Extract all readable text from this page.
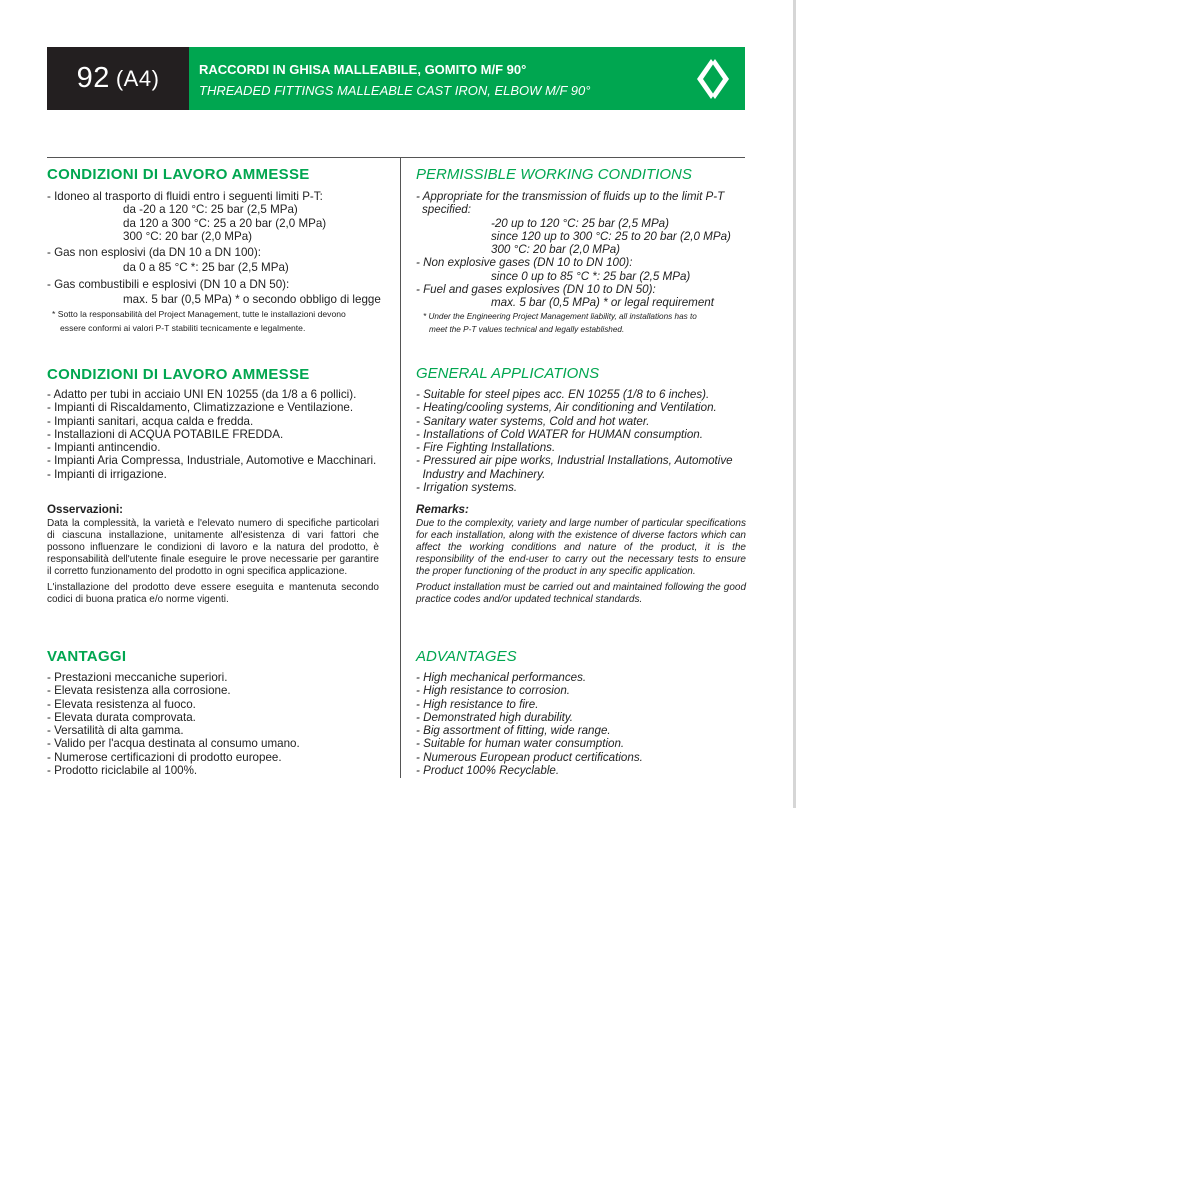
92 (A4)	RACCORDI IN GHISA MALLEABILE, GOMITO M/F 90°
THREADED FITTINGS MALLEABLE CAST IRON, ELBOW M/F 90°
CONDIZIONI DI LAVORO AMMESSE
- Idoneo al trasporto di fluidi entro i seguenti limiti P-T:
da -20 a 120 °C: 25 bar (2,5 MPa)
da 120 a 300 °C: 25 a 20 bar (2,0 MPa)
300 °C: 20 bar (2,0 MPa)
- Gas non esplosivi (da DN 10 a DN 100):
da 0 a 85 °C *: 25 bar (2,5 MPa)
- Gas combustibili e esplosivi (DN 10 a DN 50):
max. 5 bar (0,5 MPa) * o secondo obbligo di legge
* Sotto la responsabilità del Project Management, tutte le installazioni devono
essere conformi ai valori P-T stabiliti tecnicamente e legalmente.
CONDIZIONI DI LAVORO AMMESSE
- Adatto per tubi in acciaio UNI EN 10255 (da 1/8 a 6 pollici).
- Impianti di Riscaldamento, Climatizzazione e Ventilazione.
- Impianti sanitari, acqua calda e fredda.
- Installazioni di ACQUA POTABILE FREDDA.
- Impianti antincendio.
- Impianti Aria Compressa, Industriale, Automotive e Macchinari.
- Impianti di irrigazione.
Osservazioni:
Data la complessità, la varietà e l'elevato numero di specifiche particolari di ciascuna installazione, unitamente all'esistenza di vari fattori che possono influenzare le condizioni di lavoro e la natura del prodotto, è responsabilità dell'utente finale eseguire le prove necessarie per garantire il corretto funzionamento del prodotto in ogni specifica applicazione.
L'installazione del prodotto deve essere eseguita e mantenuta secondo codici di buona pratica e/o norme vigenti.
VANTAGGI
- Prestazioni meccaniche superiori.
- Elevata resistenza alla corrosione.
- Elevata resistenza al fuoco.
- Elevata durata comprovata.
- Versatilità di alta gamma.
- Valido per l'acqua destinata al consumo umano.
- Numerose certificazioni di prodotto europee.
- Prodotto riciclabile al 100%.
PERMISSIBLE WORKING CONDITIONS
- Appropriate for the transmission of fluids up to the limit P-T
specified:
-20 up to 120 °C: 25 bar (2,5 MPa)
since 120 up to 300 °C: 25 to 20 bar (2,0 MPa)
300 °C: 20 bar (2,0 MPa)
- Non explosive gases (DN 10 to DN 100):
since 0 up to 85 °C *: 25 bar (2,5 MPa)
- Fuel and gases explosives (DN 10 to DN 50):
max. 5 bar (0,5 MPa) * or legal requirement
* Under the Engineering Project Management liability, all installations has to
meet the P-T values technical and legally established.
GENERAL APPLICATIONS
- Suitable for steel pipes acc. EN 10255 (1/8 to 6 inches).
- Heating/cooling systems, Air conditioning and Ventilation.
- Sanitary water systems, Cold and hot water.
- Installations of Cold WATER for HUMAN consumption.
- Fire Fighting Installations.
- Pressured air pipe works, Industrial Installations, Automotive
Industry and Machinery.
- Irrigation systems.
Remarks:
Due to the complexity, variety and large number of particular specifications for each installation, along with the existence of diverse factors which can affect the working conditions and nature of the product, it is the responsibility of the end-user to carry out the necessary tests to ensure the proper functioning of the product in any specific application.
Product installation must be carried out and maintained following the good practice codes and/or updated technical standards.
ADVANTAGES
- High mechanical performances.
- High resistance to corrosion.
- High resistance to fire.
- Demonstrated high durability.
- Big assortment of fitting, wide range.
- Suitable for human water consumption.
- Numerous European product certifications.
- Product 100% Recyclable.
